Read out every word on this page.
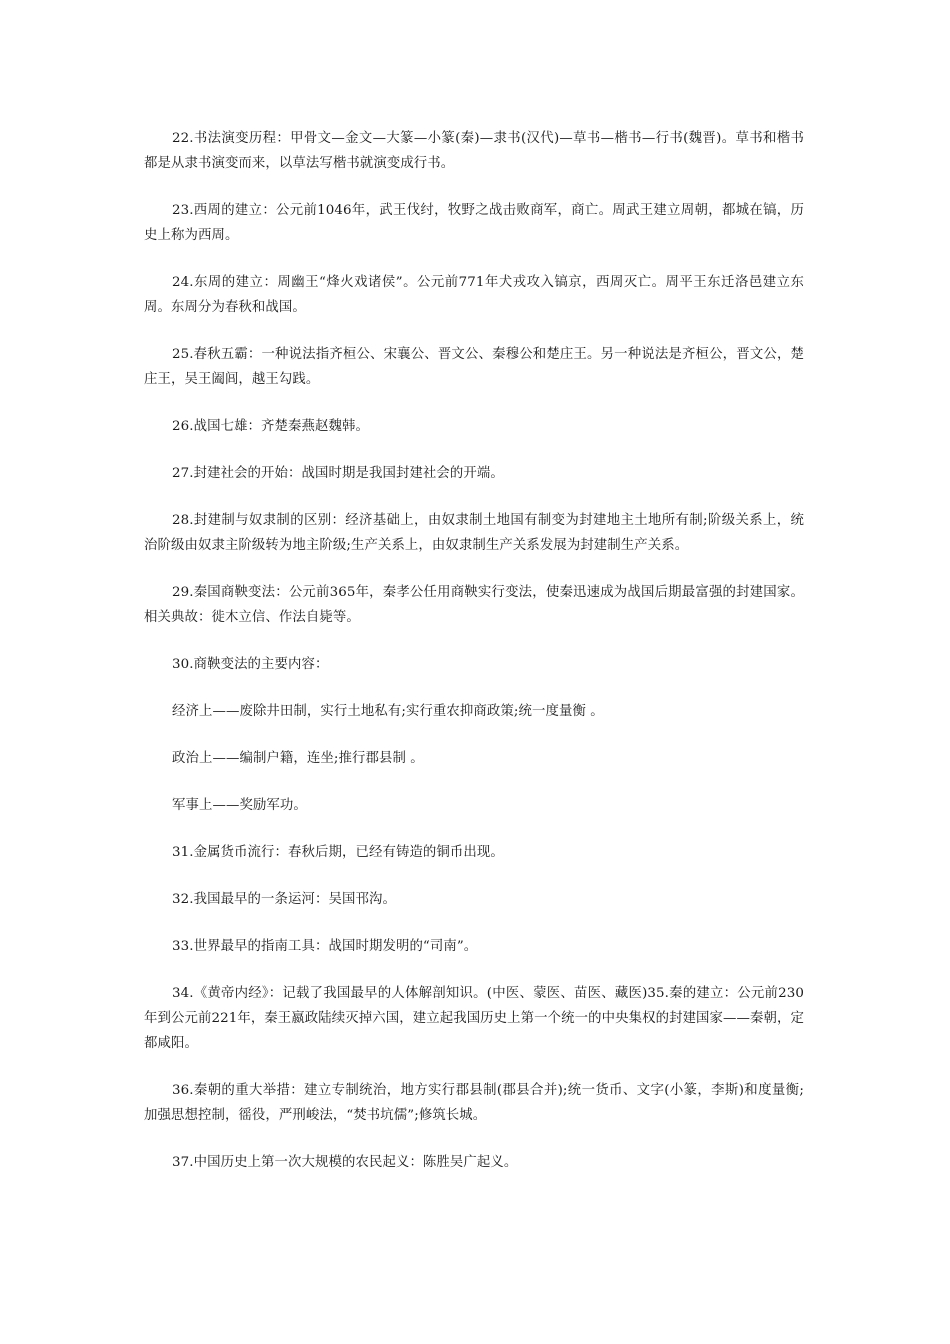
22.书法演变历程：甲骨文—金文—大篆—小篆(秦)—隶书(汉代)—草书—楷书—行书(魏晋)。草书和楷书都是从隶书演变而来，以草法写楷书就演变成行书。

23.西周的建立：公元前1046年，武王伐纣，牧野之战击败商军，商亡。周武王建立周朝，都城在镐，历史上称为西周。

24.东周的建立：周幽王“烽火戏诸侯”。公元前771年犬戎攻入镐京，西周灭亡。周平王东迁洛邑建立东周。东周分为春秋和战国。

25.春秋五霸：一种说法指齐桓公、宋襄公、晋文公、秦穆公和楚庄王。另一种说法是齐桓公，晋文公，楚庄王，吴王阖闾，越王勾践。

26.战国七雄：齐楚秦燕赵魏韩。

27.封建社会的开始：战国时期是我国封建社会的开端。

28.封建制与奴隶制的区别：经济基础上，由奴隶制土地国有制变为封建地主土地所有制;阶级关系上，统治阶级由奴隶主阶级转为地主阶级;生产关系上，由奴隶制生产关系发展为封建制生产关系。

29.秦国商鞅变法：公元前365年，秦孝公任用商鞅实行变法，使秦迅速成为战国后期最富强的封建国家。相关典故：徙木立信、作法自毙等。

30.商鞅变法的主要内容：

经济上——废除井田制，实行土地私有;实行重农抑商政策;统一度量衡 。

政治上——编制户籍，连坐;推行郡县制 。

军事上——奖励军功。

31.金属货币流行：春秋后期，已经有铸造的铜币出现。

32.我国最早的一条运河：吴国邗沟。

33.世界最早的指南工具：战国时期发明的“司南”。

34.《黄帝内经》：记载了我国最早的人体解剖知识。(中医、蒙医、苗医、藏医)35.秦的建立：公元前230年到公元前221年，秦王嬴政陆续灭掉六国，建立起我国历史上第一个统一的中央集权的封建国家——秦朝，定都咸阳。

36.秦朝的重大举措：建立专制统治，地方实行郡县制(郡县合并);统一货币、文字(小篆，李斯)和度量衡;加强思想控制，徭役，严刑峻法，“焚书坑儒”;修筑长城。

37.中国历史上第一次大规模的农民起义：陈胜吴广起义。
